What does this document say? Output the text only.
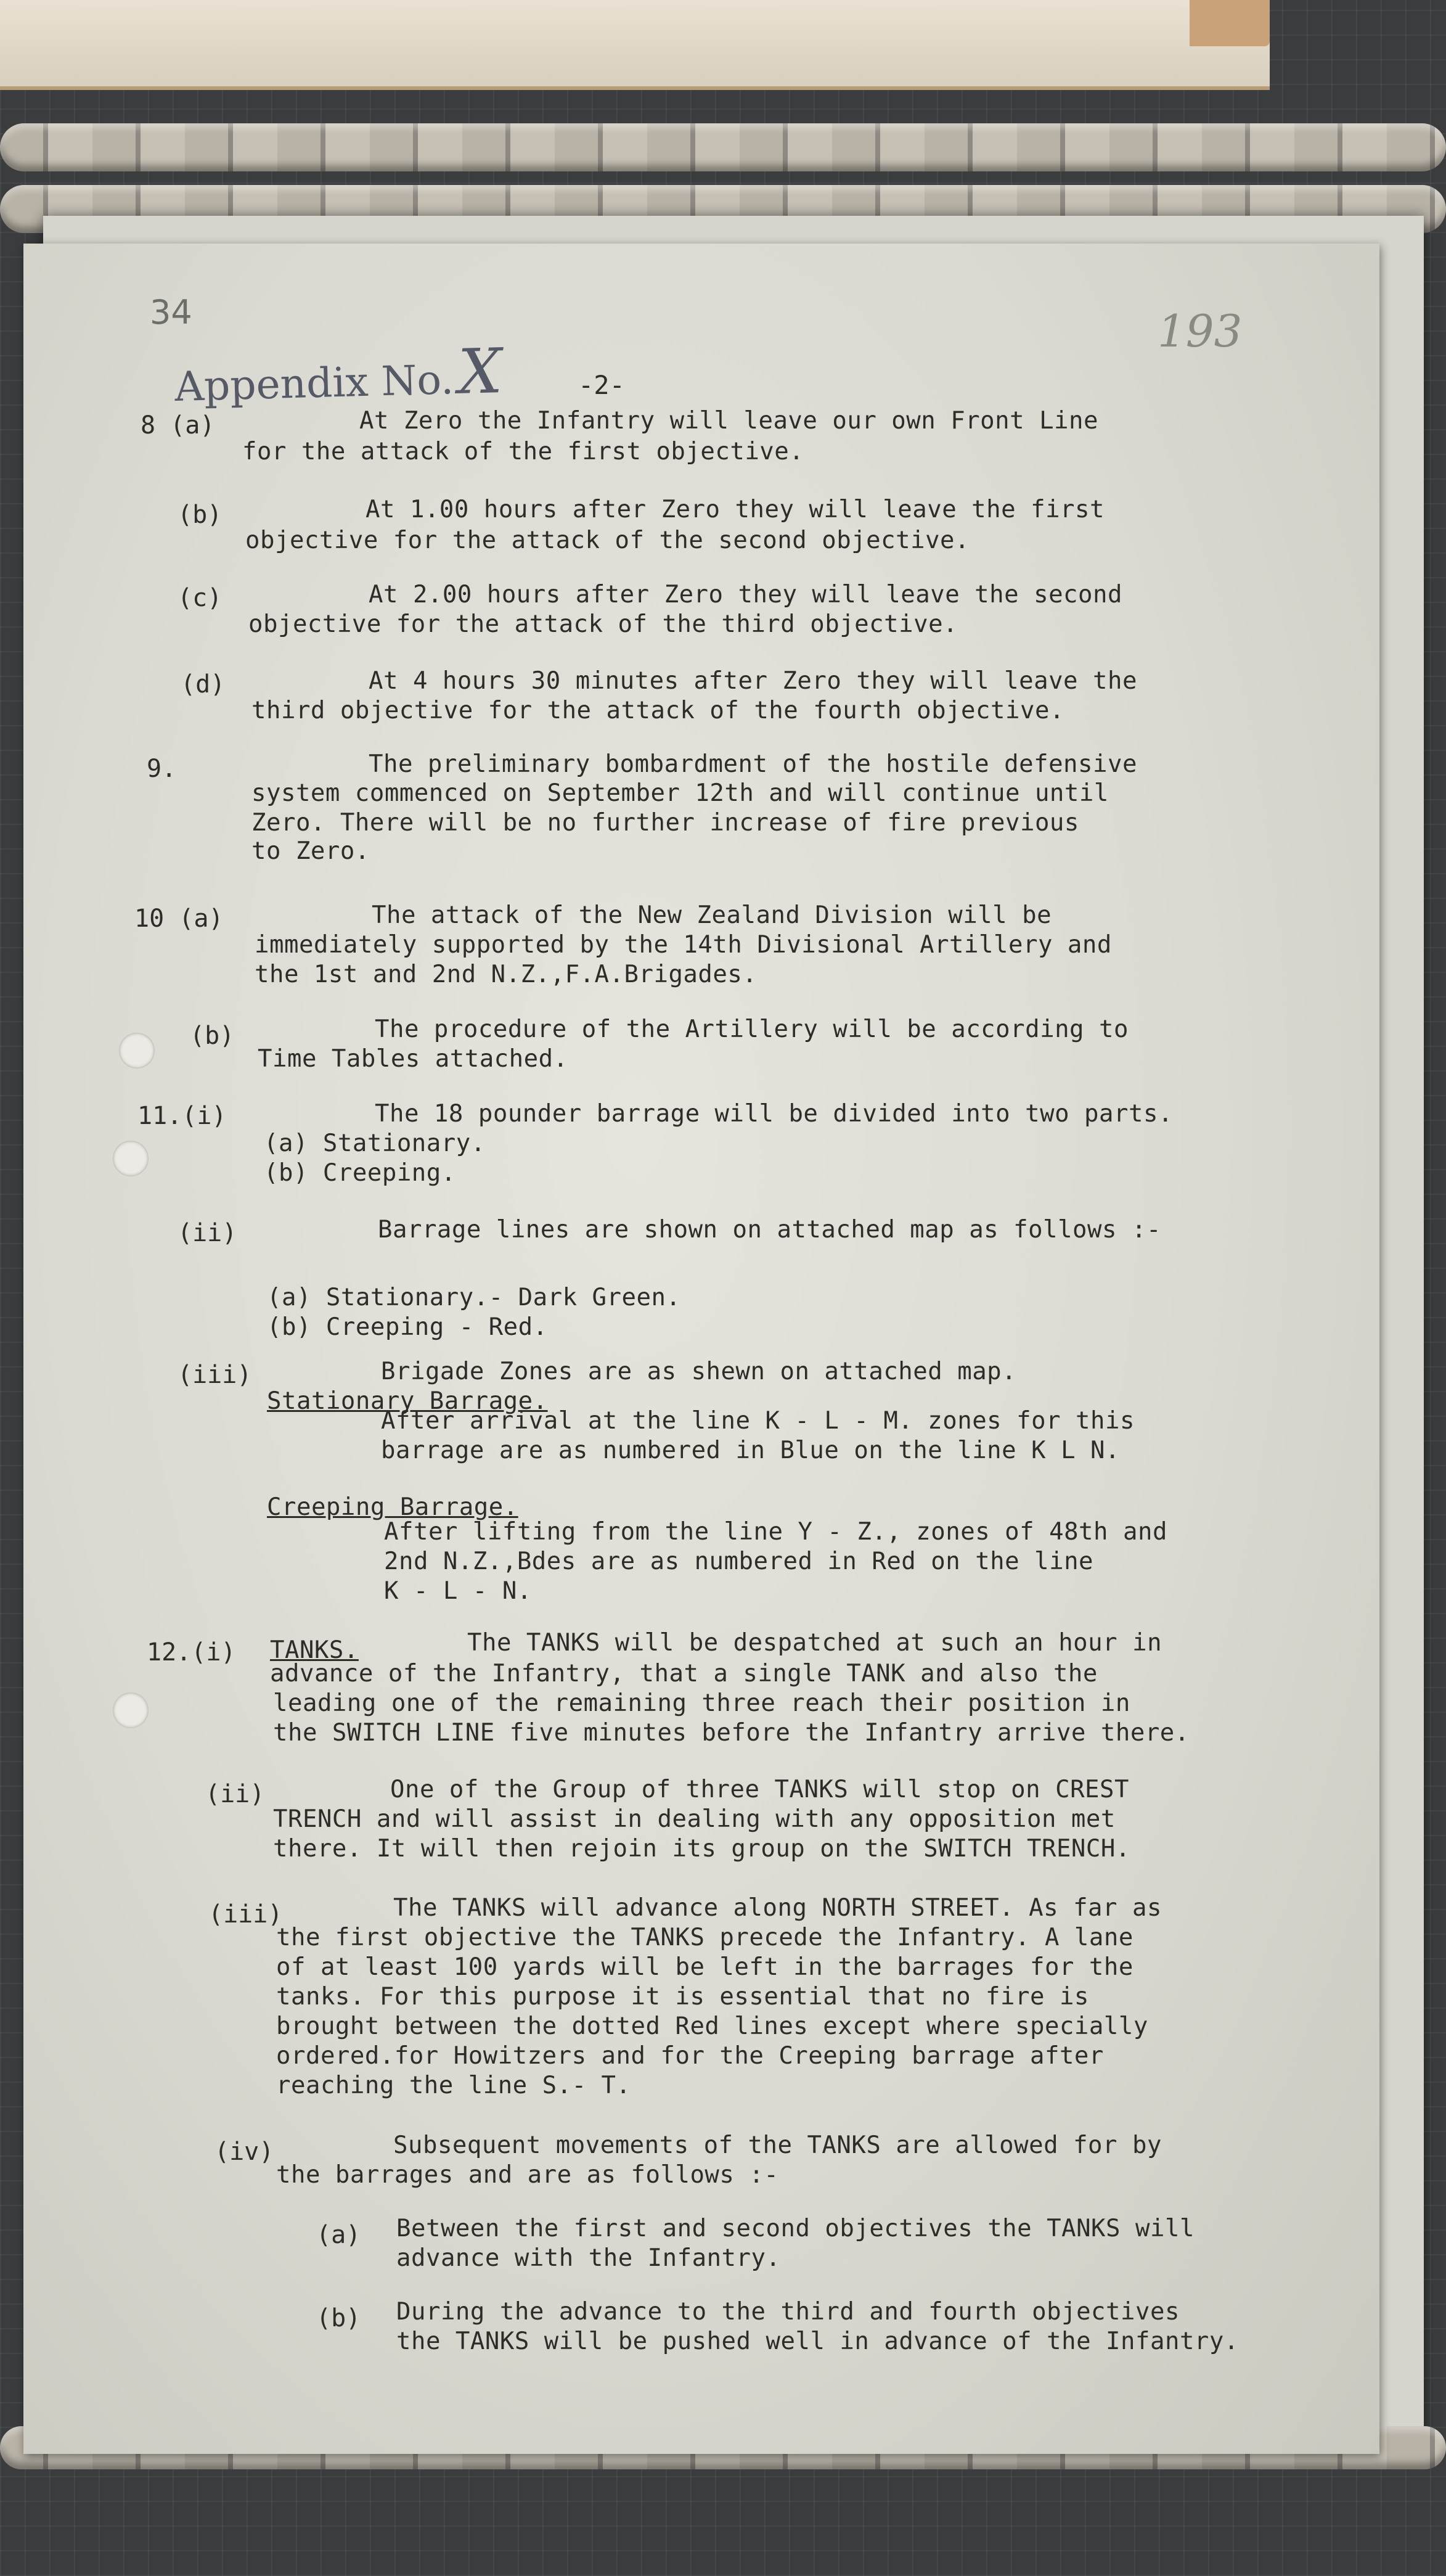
34	193
Appendix No.X	-2-
8 (a)	At Zero the Infantry will leave our own Front Line
for the attack of the first objective.
(b)	At 1.00 hours after Zero they will leave the first
objective for the attack of the second objective.
(c)	At 2.00 hours after Zero they will leave the second
objective for the attack of the third objective.
(d)	At 4 hours 30 minutes after Zero they will leave the
third objective for the attack of the fourth objective.
9.	The preliminary bombardment of the hostile defensive
system commenced on September 12th and will continue until
Zero. There will be no further increase of fire previous
to Zero.
10 (a)	The attack of the New Zealand Division will be
immediately supported by the 14th Divisional Artillery and
the 1st and 2nd N.Z.,F.A.Brigades.
(b)	The procedure of the Artillery will be according to
Time Tables attached.
11.(i)	The 18 pounder barrage will be divided into two parts.
(a) Stationary.
(b) Creeping.
(ii)	Barrage lines are shown on attached map as follows :-
(a) Stationary.- Dark Green.
(b) Creeping - Red.
(iii)	Brigade Zones are as shewn on attached map.
Stationary Barrage.
After arrival at the line K - L - M. zones for this
barrage are as numbered in Blue on the line K L N.
Creeping Barrage.
After lifting from the line Y - Z., zones of 48th and
2nd N.Z.,Bdes are as numbered in Red on the line
K - L - N.
12.(i) TANKS.	The TANKS will be despatched at such an hour in
advance of the Infantry, that a single TANK and also the
leading one of the remaining three reach their position in
the SWITCH LINE five minutes before the Infantry arrive there.
(ii)	One of the Group of three TANKS will stop on CREST
TRENCH and will assist in dealing with any opposition met
there. It will then rejoin its group on the SWITCH TRENCH.
(iii)	The TANKS will advance along NORTH STREET. As far as
the first objective the TANKS precede the Infantry. A lane
of at least 100 yards will be left in the barrages for the
tanks. For this purpose it is essential that no fire is
brought between the dotted Red lines except where specially
ordered.for Howitzers and for the Creeping barrage after
reaching the line S.- T.
(iv)	Subsequent movements of the TANKS are allowed for by
the barrages and are as follows :-
(a) Between the first and second objectives the TANKS will
advance with the Infantry.
(b) During the advance to the third and fourth objectives
the TANKS will be pushed well in advance of the Infantry.
